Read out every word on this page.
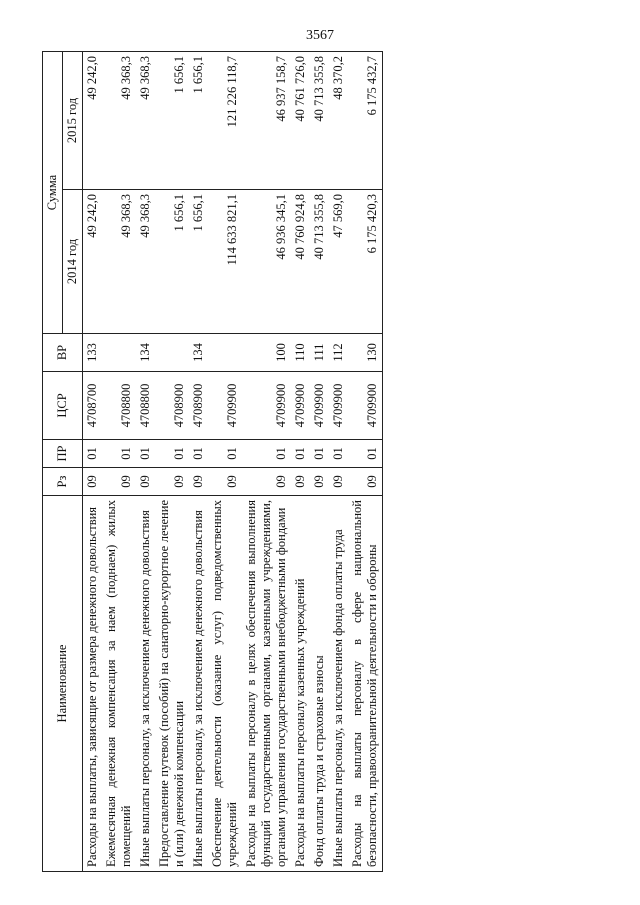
3567
Наименование	Рз	ПР	ЦСР	ВР	Сумма	
					2014 год	2015 год
Расходы на выплаты, зависящие от размера денежного довольствия	09	01	4708700	133	49 242,0	49 242,0
Ежемесячная денежная компенсация за наем (поднаем) жилых помещений	09	01	4708800		49 368,3	49 368,3
Иные выплаты персоналу, за исключением денежного довольствия	09	01	4708800	134	49 368,3	49 368,3
Предоставление путевок (пособий) на санаторно-курортное лечение и (или) денежной компенсации	09	01	4708900		1 656,1	1 656,1
Иные выплаты персоналу, за исключением денежного довольствия	09	01	4708900	134	1 656,1	1 656,1
Обеспечение деятельности (оказание услуг) подведомственных учреждений	09	01	4709900		114 633 821,1	121 226 118,7
Расходы на выплаты персоналу в целях обеспечения выполнения функций государственными органами, казенными учреждениями, органами управления государственными внебюджетными фондами	09	01	4709900	100	46 936 345,1	46 937 158,7
Расходы на выплаты персоналу казенных учреждений	09	01	4709900	110	40 760 924,8	40 761 726,0
Фонд оплаты труда и страховые взносы	09	01	4709900	111	40 713 355,8	40 713 355,8
Иные выплаты персоналу, за исключением фонда оплаты труда	09	01	4709900	112	47 569,0	48 370,2
Расходы на выплаты персоналу в сфере национальной безопасности, правоохранительной деятельности и обороны	09	01	4709900	130	6 175 420,3	6 175 432,7
